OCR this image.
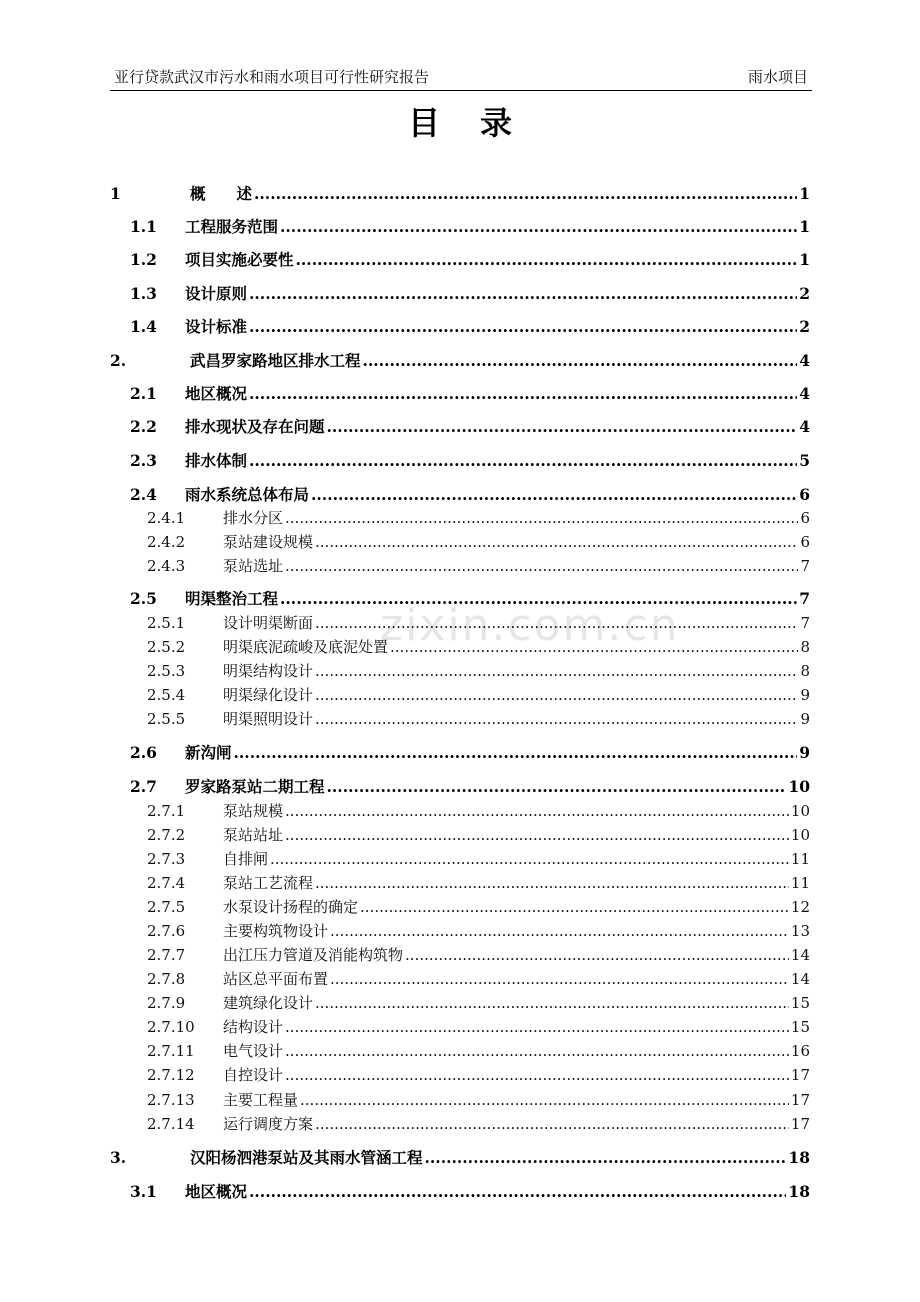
亚行贷款武汉市污水和雨水项目可行性研究报告	雨水项目
目录
zixin.com.cn
1	概　　述 .....	1
1.1	工程服务范围 .....	1
1.2	项目实施必要性 .....	1
1.3	设计原则 .....	2
1.4	设计标准 .....	2
2.	武昌罗家路地区排水工程 .....	4
2.1	地区概况 .....	4
2.2	排水现状及存在问题 .....	4
2.3	排水体制 .....	5
2.4	雨水系统总体布局 .....	6
2.4.1	排水分区 .....	6
2.4.2	泵站建设规模 .....	6
2.4.3	泵站选址 .....	7
2.5	明渠整治工程 .....	7
2.5.1	设计明渠断面 .....	7
2.5.2	明渠底泥疏峻及底泥处置 .....	8
2.5.3	明渠结构设计 .....	8
2.5.4	明渠绿化设计 .....	9
2.5.5	明渠照明设计 .....	9
2.6	新沟闸 .....	9
2.7	罗家路泵站二期工程 .....	10
2.7.1	泵站规模 .....	10
2.7.2	泵站站址 .....	10
2.7.3	自排闸 .....	11
2.7.4	泵站工艺流程 .....	11
2.7.5	水泵设计扬程的确定 .....	12
2.7.6	主要构筑物设计 .....	13
2.7.7	出江压力管道及消能构筑物 .....	14
2.7.8	站区总平面布置 .....	14
2.7.9	建筑绿化设计 .....	15
2.7.10	结构设计 .....	15
2.7.11	电气设计 .....	16
2.7.12	自控设计 .....	17
2.7.13	主要工程量 .....	17
2.7.14	运行调度方案 .....	17
3.	汉阳杨泗港泵站及其雨水管涵工程 .....	18
3.1	地区概况 .....	18
